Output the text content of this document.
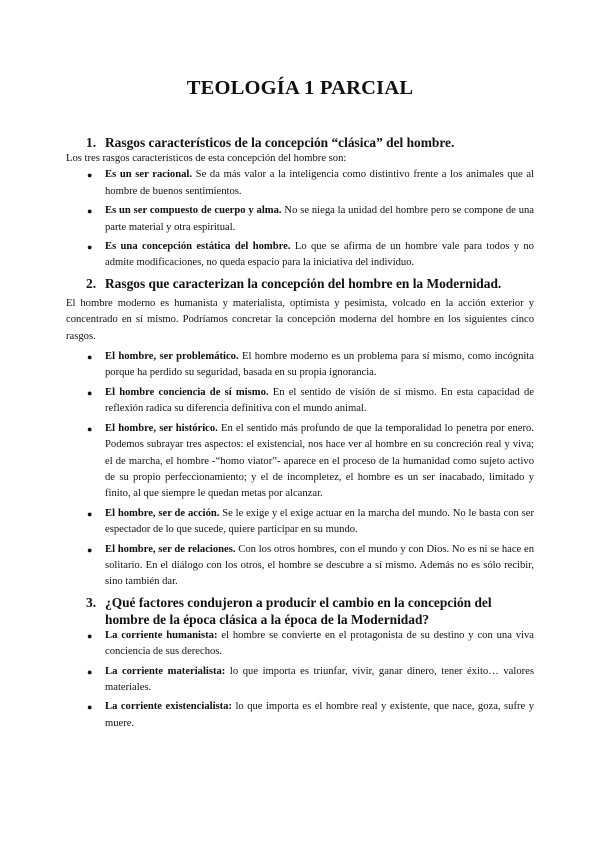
TEOLOGÍA 1 PARCIAL
1. Rasgos característicos de la concepción “clásica” del hombre.

Los tres rasgos característicos de esta concepción del hombre son:

● Es un ser racional. Se da más valor a la inteligencia como distintivo frente a los animales que al hombre de buenos sentimientos.
● Es un ser compuesto de cuerpo y alma. No se niega la unidad del hombre pero se compone de una parte material y otra espiritual.
● Es una concepción estática del hombre. Lo que se afirma de un hombre vale para todos y no admite modificaciones, no queda espacio para la iniciativa del individuo.
2. Rasgos que caracterizan la concepción del hombre en la Modernidad.

El hombre moderno es humanista y materialista, optimista y pesimista, volcado en la acción exterior y concentrado en sí mismo. Podríamos concretar la concepción moderna del hombre en los siguientes cinco rasgos.

● El hombre, ser problemático. El hombre moderno es un problema para sí mismo, como incógnita porque ha perdido su seguridad, basada en su propia ignorancia.
● El hombre conciencia de sí mismo. En el sentido de visión de sí mismo. En esta capacidad de reflexión radica su diferencia definitiva con el mundo animal.
● El hombre, ser histórico. En el sentido más profundo de que la temporalidad lo penetra por enero. Podemos subrayar tres aspectos: el existencial, nos hace ver al hombre en su concreción real y viva; el de marcha, el hombre -“homo viator”- aparece en el proceso de la humanidad como sujeto activo de su propio perfeccionamiento; y el de incompletez, el hombre es un ser inacabado, limitado y finito, al que siempre le quedan metas por alcanzar.
● El hombre, ser de acción. Se le exige y el exige actuar en la marcha del mundo. No le basta con ser espectador de lo que sucede, quiere participar en su mundo.
● El hombre, ser de relaciones. Con los otros hombres, con el mundo y con Dios. No es ni se hace en solitario. En el diálogo con los otros, el hombre se descubre a sí mismo. Además no es sólo recibir, sino también dar.
3. ¿Qué factores condujeron a producir el cambio en la concepción del hombre de la época clásica a la época de la Modernidad?
● La corriente humanista: el hombre se convierte en el protagonista de su destino y con una viva conciencia de sus derechos.
● La corriente materialista: lo que importa es triunfar, vivir, ganar dinero, tener éxito… valores materiales.
● La corriente existencialista: lo que importa es el hombre real y existente, que nace, goza, sufre y muere.
